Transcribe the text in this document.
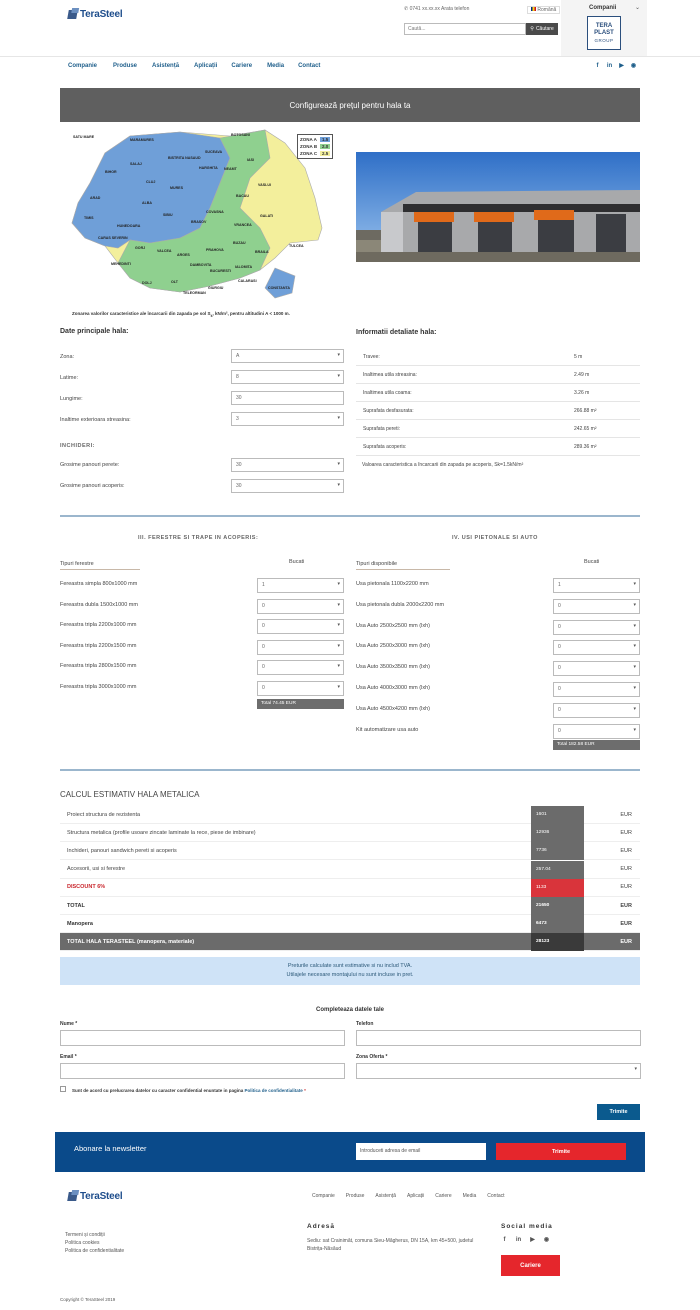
TeraSteel	✆ 0741 xx.xx.xx Arata telefon	Română
Caută...	⚲ Căutare
Companii	⌄
TERA
PLAST
GROUP
Companie	Produse	Asistență	Aplicații Cariere	Media Contact	f	in ▶ ◉
Configurează prețul pentru hala ta
SATU MARE
MARAMURES
BOTOSANI
SUCEAVA
BISTRITA NASAUD
SALAJ
BIHOR
CLUJ
MURES
IASI
NEAMT
HARGHITA
VASLUI
BACAU
ARAD
ALBA
SIBIU
COVASNA
GALATI
TIMIS
HUNEDOARA
BRASOV
VRANCEA
CARAS SEVERIN
GORJ
VALCEA
ARGES
PRAHOVA
BUZAU
BRAILA
TULCEA
MEHEDINTI	DAMBOVITA	IALOMITA
BUCURESTI
CALARASI
CONSTANTA
DOLJ	OLT
GIURGIU
TELEORMAN
ZONA A	1.5
ZONA B	2.0
ZONA C	2.5
Zonarea valorilor caracteristice ale încarcarii din zapada pe sol $S_k$, kN/m², pentru altitudini A < 1000 m.
Date principale hala:
Zona:	A ▾
Latime:	8 ▾
Lungime:	30
Inaltime exterioara streasina:	3 ▾
INCHIDERI:
Grosime panouri perete:	30 ▾
Grosime panouri acoperis:	30 ▾
Informatii detaliate hala:
Travee:	5 m
Inaltimea utila streasina:	2.49 m
Inaltimea utila coama:	3.26 m
Suprafata desfasurata:	266.88 m²
Suprafata pereti:	242.65 m²
Suprafata acoperis:	289.36 m²
Valoarea caracteristica a încarcarii din zapada pe acoperis, Sk=1.5kN/m²
III. FERESTRE SI TRAPE IN ACOPERIS:
Tipuri ferestre	Bucati
Fereastra simpla 800x1000 mm	1 ▾
Fereastra dubla 1500x1000 mm	0 ▾
Fereastra tripla 2200x1000 mm	0 ▾
Fereastra tripla 2200x1500 mm	0 ▾
Fereastra tripla 2800x1500 mm	0 ▾
Fereastra tripla 3000x1000 mm	0 ▾
Total 74.45 EUR
IV. USI PIETONALE SI AUTO
Tipuri disponibile	Bucati
Usa pietonala 1100x2200 mm	1 ▾
Usa pietonala dubla 2000x2200 mm	0 ▾
Usa Auto 2500x2500 mm (lxh)	0 ▾
Usa Auto 2500x3000 mm (lxh)	0 ▾
Usa Auto 3500x3500 mm (lxh)	0 ▾
Usa Auto 4000x3000 mm (lxh)	0 ▾
Usa Auto 4500x4200 mm (lxh)	0 ▾
Kit automatizare usa auto	0 ▾
Total 182.58 EUR
CALCUL ESTIMATIV HALA METALICA
Proiect structura de rezistenta	1601	EUR
Structura metalica (profile usoare zincate laminate la rece, piese de imbinare)	12936	EUR
Inchideri, panouri sandwich pereti si acoperis	7736	EUR
Accesorii, usi si ferestre	257.04	EUR
DISCOUNT 6%	1133	EUR
TOTAL	21650	EUR
Manopera	6473	EUR
TOTAL HALA TERASTEEL (manopera, materiale)	28123	EUR
Preturile calculate sunt estimative si nu includ TVA.
Utilajele necesare montajului nu sunt incluse in pret.
Completeaza datele tale
Nume *	Telefon
Email *	Zona Oferta *
▾
Sunt de acord cu prelucrarea datelor cu caracter confidential enuntate in pagina Politica de confidentialitate *
Trimite
Abonare la newsletter	Introduceti adresa de email	Trimite
TeraSteel	Companie Produse Asistență Aplicații Cariere Media Contact
Termeni și condiții
Politica cookies
Politica de confidentialitate
Adresă
Sediu: sat Crainimăt, comuna Sieu-Măgherus, DN 15A, km 45+500, judetul Bistrița-Năsăud
Social media
f	in ▶ ◉
Cariere
Copyright © TeraSteel 2019
